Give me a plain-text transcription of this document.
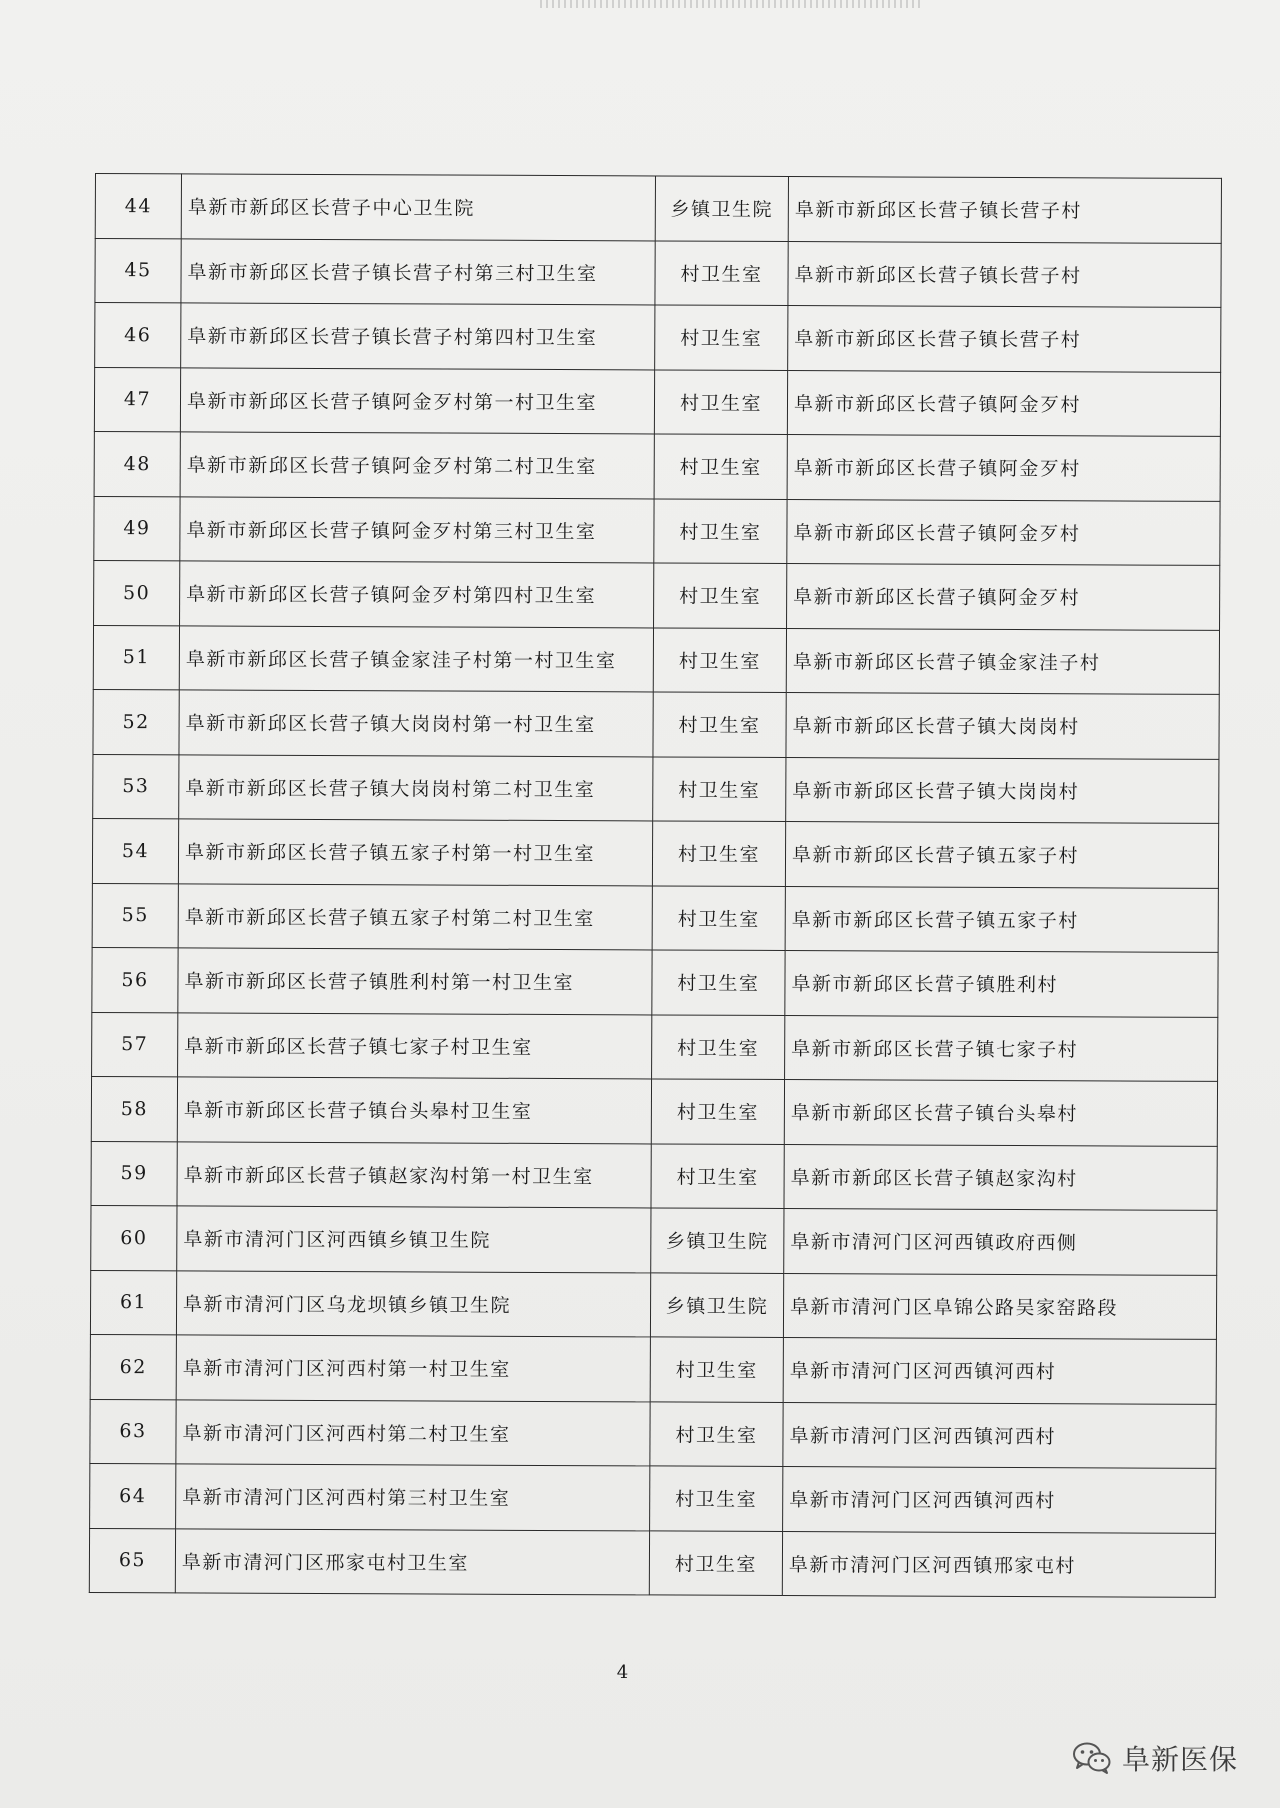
44	阜新市新邱区长营子中心卫生院	乡镇卫生院	阜新市新邱区长营子镇长营子村
45	阜新市新邱区长营子镇长营子村第三村卫生室	村卫生室	阜新市新邱区长营子镇长营子村
46	阜新市新邱区长营子镇长营子村第四村卫生室	村卫生室	阜新市新邱区长营子镇长营子村
47	阜新市新邱区长营子镇阿金歹村第一村卫生室	村卫生室	阜新市新邱区长营子镇阿金歹村
48	阜新市新邱区长营子镇阿金歹村第二村卫生室	村卫生室	阜新市新邱区长营子镇阿金歹村
49	阜新市新邱区长营子镇阿金歹村第三村卫生室	村卫生室	阜新市新邱区长营子镇阿金歹村
50	阜新市新邱区长营子镇阿金歹村第四村卫生室	村卫生室	阜新市新邱区长营子镇阿金歹村
51	阜新市新邱区长营子镇金家洼子村第一村卫生室	村卫生室	阜新市新邱区长营子镇金家洼子村
52	阜新市新邱区长营子镇大岗岗村第一村卫生室	村卫生室	阜新市新邱区长营子镇大岗岗村
53	阜新市新邱区长营子镇大岗岗村第二村卫生室	村卫生室	阜新市新邱区长营子镇大岗岗村
54	阜新市新邱区长营子镇五家子村第一村卫生室	村卫生室	阜新市新邱区长营子镇五家子村
55	阜新市新邱区长营子镇五家子村第二村卫生室	村卫生室	阜新市新邱区长营子镇五家子村
56	阜新市新邱区长营子镇胜利村第一村卫生室	村卫生室	阜新市新邱区长营子镇胜利村
57	阜新市新邱区长营子镇七家子村卫生室	村卫生室	阜新市新邱区长营子镇七家子村
58	阜新市新邱区长营子镇台头皋村卫生室	村卫生室	阜新市新邱区长营子镇台头皋村
59	阜新市新邱区长营子镇赵家沟村第一村卫生室	村卫生室	阜新市新邱区长营子镇赵家沟村
60	阜新市清河门区河西镇乡镇卫生院	乡镇卫生院	阜新市清河门区河西镇政府西侧
61	阜新市清河门区乌龙坝镇乡镇卫生院	乡镇卫生院	阜新市清河门区阜锦公路吴家窑路段
62	阜新市清河门区河西村第一村卫生室	村卫生室	阜新市清河门区河西镇河西村
63	阜新市清河门区河西村第二村卫生室	村卫生室	阜新市清河门区河西镇河西村
64	阜新市清河门区河西村第三村卫生室	村卫生室	阜新市清河门区河西镇河西村
65	阜新市清河门区邢家屯村卫生室	村卫生室	阜新市清河门区河西镇邢家屯村
4
阜新医保
